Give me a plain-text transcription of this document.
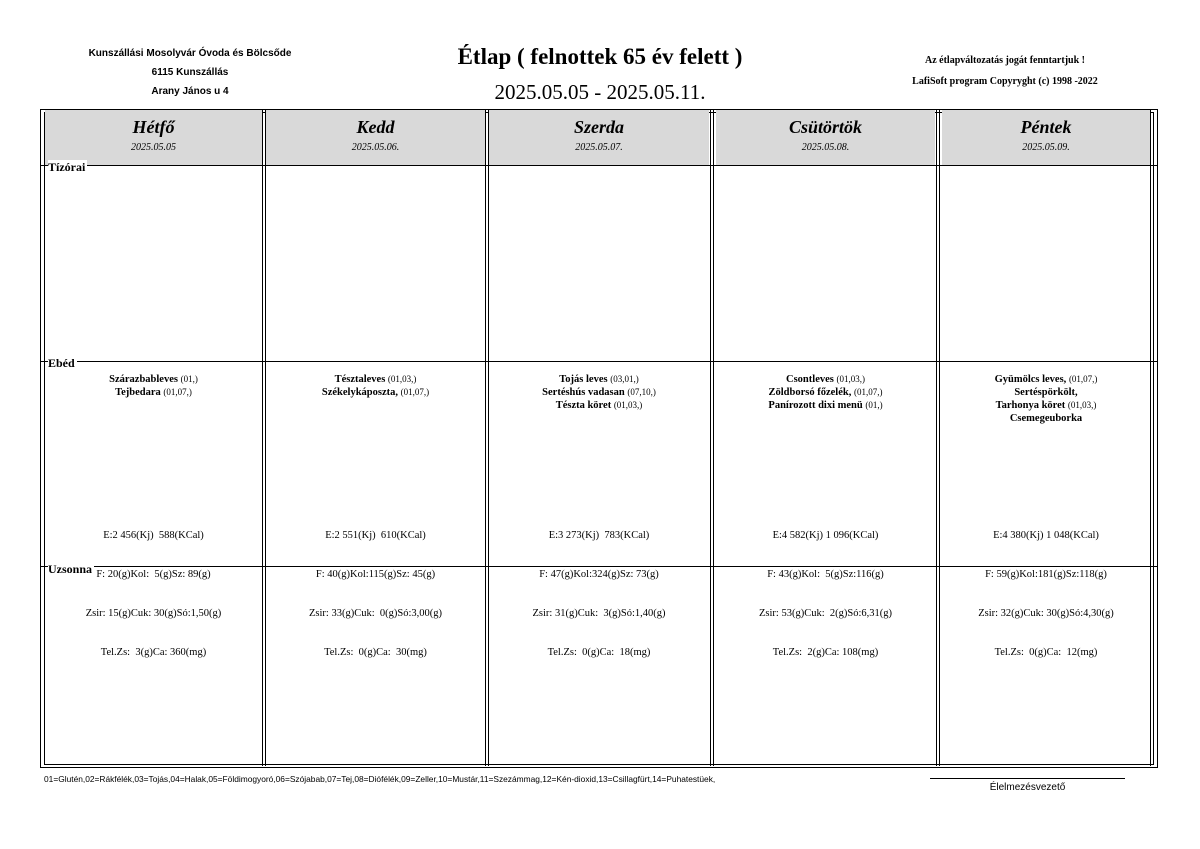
Kunszállási Mosolyvár Óvoda és Bölcsőde
6115 Kunszállás
Arany János u 4
Étlap ( felnottek 65 év felett )
2025.05.05 - 2025.05.11.
Az étlapváltozatás jogát fenntartjuk !
LafiSoft program Copyryght (c) 1998 -2022
Hétfő
2025.05.05
Kedd
2025.05.06.
Szerda
2025.05.07.
Csütörtök
2025.05.08.
Péntek
2025.05.09.
Tízórai
Ebéd
Uzsonna
Szárazbableves (01,)
Tejbedara (01,07,)
Tésztaleves (01,03,)
Székelykáposzta, (01,07,)
Tojás leves (03,01,)
Sertéshús vadasan (07,10,)
Tészta köret (01,03,)
Csontleves (01,03,)
Zöldborsó főzelék, (01,07,)
Panírozott dixi menü (01,)
Gyümölcs leves, (01,07,)
Sertéspörkölt,
Tarhonya köret (01,03,)
Csemegeuborka

E:2 456(Kj)  588(KCal)

F: 20(g)Kol:  5(g)Sz: 89(g)

Zsir: 15(g)Cuk: 30(g)Só:1,50(g)

Tel.Zs:  3(g)Ca: 360(mg)

E:2 551(Kj)  610(KCal)

F: 40(g)Kol:115(g)Sz: 45(g)

Zsir: 33(g)Cuk:  0(g)Só:3,00(g)

Tel.Zs:  0(g)Ca:  30(mg)

E:3 273(Kj)  783(KCal)

F: 47(g)Kol:324(g)Sz: 73(g)

Zsir: 31(g)Cuk:  3(g)Só:1,40(g)

Tel.Zs:  0(g)Ca:  18(mg)

E:4 582(Kj) 1 096(KCal)

F: 43(g)Kol:  5(g)Sz:116(g)

Zsir: 53(g)Cuk:  2(g)Só:6,31(g)

Tel.Zs:  2(g)Ca: 108(mg)

E:4 380(Kj) 1 048(KCal)

F: 59(g)Kol:181(g)Sz:118(g)

Zsir: 32(g)Cuk: 30(g)Só:4,30(g)

Tel.Zs:  0(g)Ca:  12(mg)

01=Glutén,02=Rákfélék,03=Tojás,04=Halak,05=Földimogyoró,06=Szójabab,07=Tej,08=Diófélék,09=Zeller,10=Mustár,11=Szezámmag,12=Kén-dioxid,13=Csillagfürt,14=Puhatestüek,
Élelmezésvezető
